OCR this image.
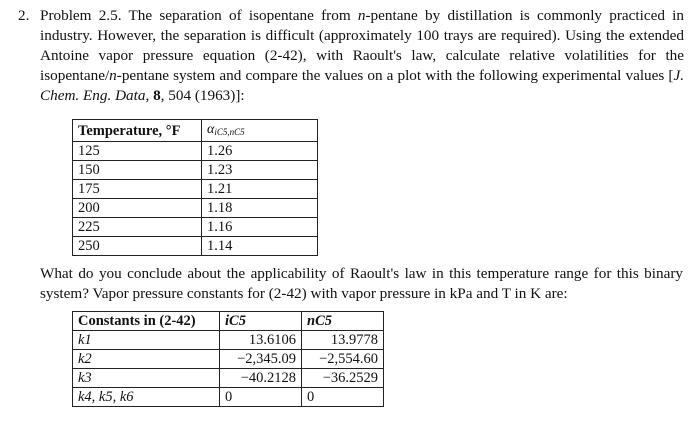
2. Problem 2.5. The separation of isopentane from n-pentane by distillation is commonly practiced in industry. However, the separation is difficult (approximately 100 trays are required). Using the extended Antoine vapor pressure equation (2-42), with Raoult's law, calculate relative volatilities for the isopentane/n-pentane system and compare the values on a plot with the following experimental values [J. Chem. Eng. Data, 8, 504 (1963)]:
Temperature, °F	$\alpha_{iC5,nC5}$
125	1.26
150	1.23
175	1.21
200	1.18
225	1.16
250	1.14
What do you conclude about the applicability of Raoult's law in this temperature range for this binary system? Vapor pressure constants for (2-42) with vapor pressure in kPa and T in K are:
Constants in (2-42)	iC5	nC5
k1	13.6106	13.9778
k2	−2,345.09	−2,554.60
k3	−40.2128	−36.2529
k4, k5, k6	0	0
